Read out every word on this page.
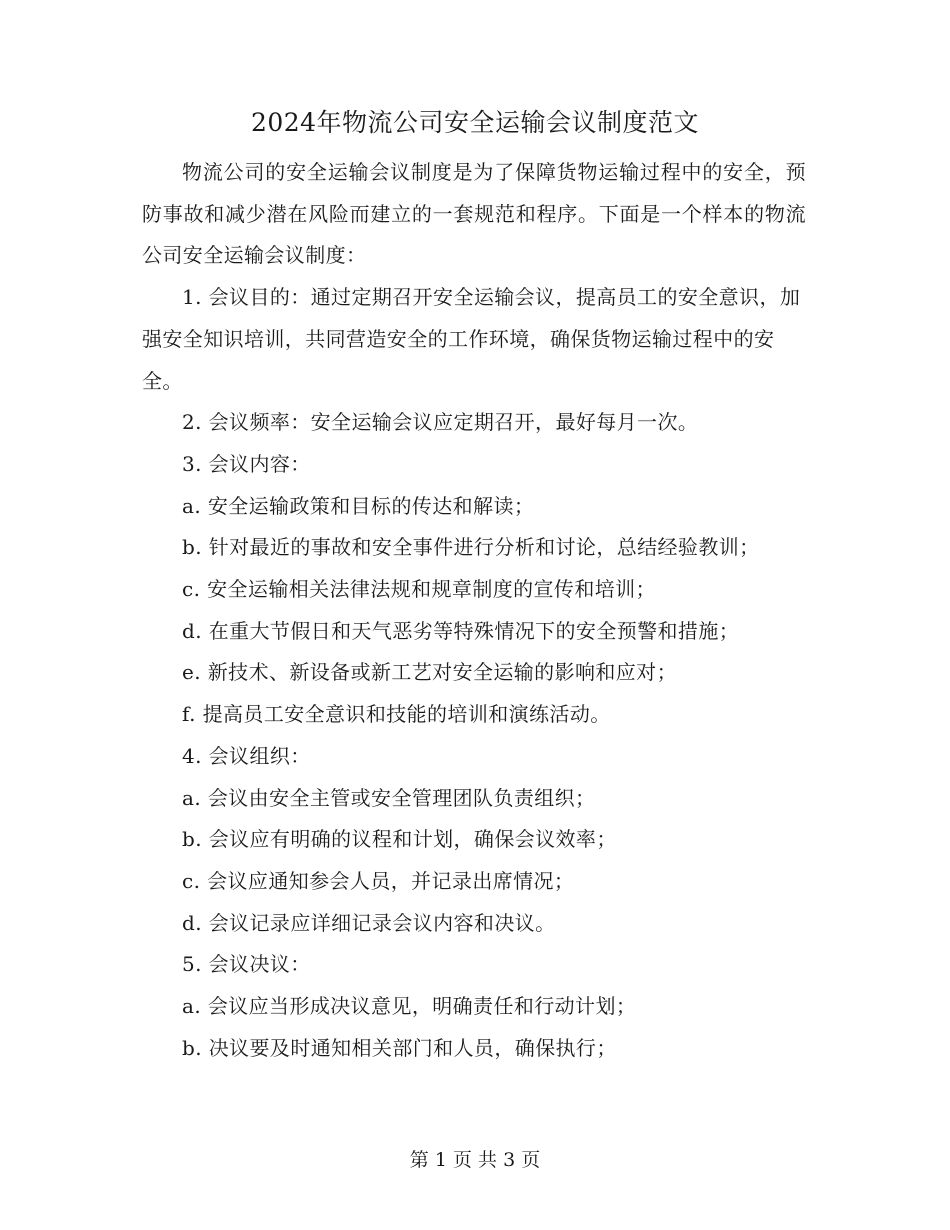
2024年物流公司安全运输会议制度范文

物流公司的安全运输会议制度是为了保障货物运输过程中的安全，预防事故和减少潜在风险而建立的一套规范和程序。下面是一个样本的物流公司安全运输会议制度：

1. 会议目的：通过定期召开安全运输会议，提高员工的安全意识，加强安全知识培训，共同营造安全的工作环境，确保货物运输过程中的安全。

2. 会议频率：安全运输会议应定期召开，最好每月一次。

3. 会议内容：

a. 安全运输政策和目标的传达和解读；

b. 针对最近的事故和安全事件进行分析和讨论，总结经验教训；

c. 安全运输相关法律法规和规章制度的宣传和培训；

d. 在重大节假日和天气恶劣等特殊情况下的安全预警和措施；

e. 新技术、新设备或新工艺对安全运输的影响和应对；

f. 提高员工安全意识和技能的培训和演练活动。

4. 会议组织：

a. 会议由安全主管或安全管理团队负责组织；

b. 会议应有明确的议程和计划，确保会议效率；

c. 会议应通知参会人员，并记录出席情况；

d. 会议记录应详细记录会议内容和决议。

5. 会议决议：

a. 会议应当形成决议意见，明确责任和行动计划；

b. 决议要及时通知相关部门和人员，确保执行；

第 1 页 共 3 页
